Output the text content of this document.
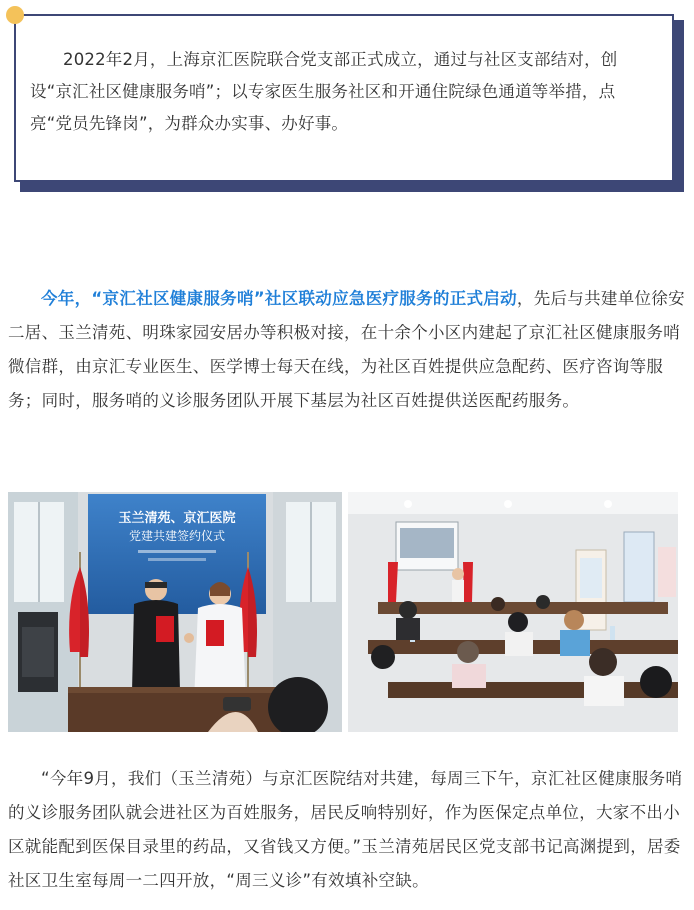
2022年2月，上海京汇医院联合党支部正式成立，通过与社区支部结对，创设“京汇社区健康服务哨”；以专家医生服务社区和开通住院绿色通道等举措，点亮“党员先锋岗”，为群众办实事、办好事。
今年，“京汇社区健康服务哨”社区联动应急医疗服务的正式启动，先后与共建单位徐安二居、玉兰清苑、明珠家园安居办等积极对接，在十余个小区内建起了京汇社区健康服务哨微信群，由京汇专业医生、医学博士每天在线，为社区百姓提供应急配药、医疗咨询等服务；同时，服务哨的义诊服务团队开展下基层为社区百姓提供送医配药服务。
玉兰清苑、京汇医院
党建共建签约仪式
“今年9月，我们（玉兰清苑）与京汇医院结对共建，每周三下午，京汇社区健康服务哨的义诊服务团队就会进社区为百姓服务，居民反响特别好，作为医保定点单位，大家不出小区就能配到医保目录里的药品，又省钱又方便。”玉兰清苑居民区党支部书记高渊提到，居委社区卫生室每周一二四开放，“周三义诊”有效填补空缺。
